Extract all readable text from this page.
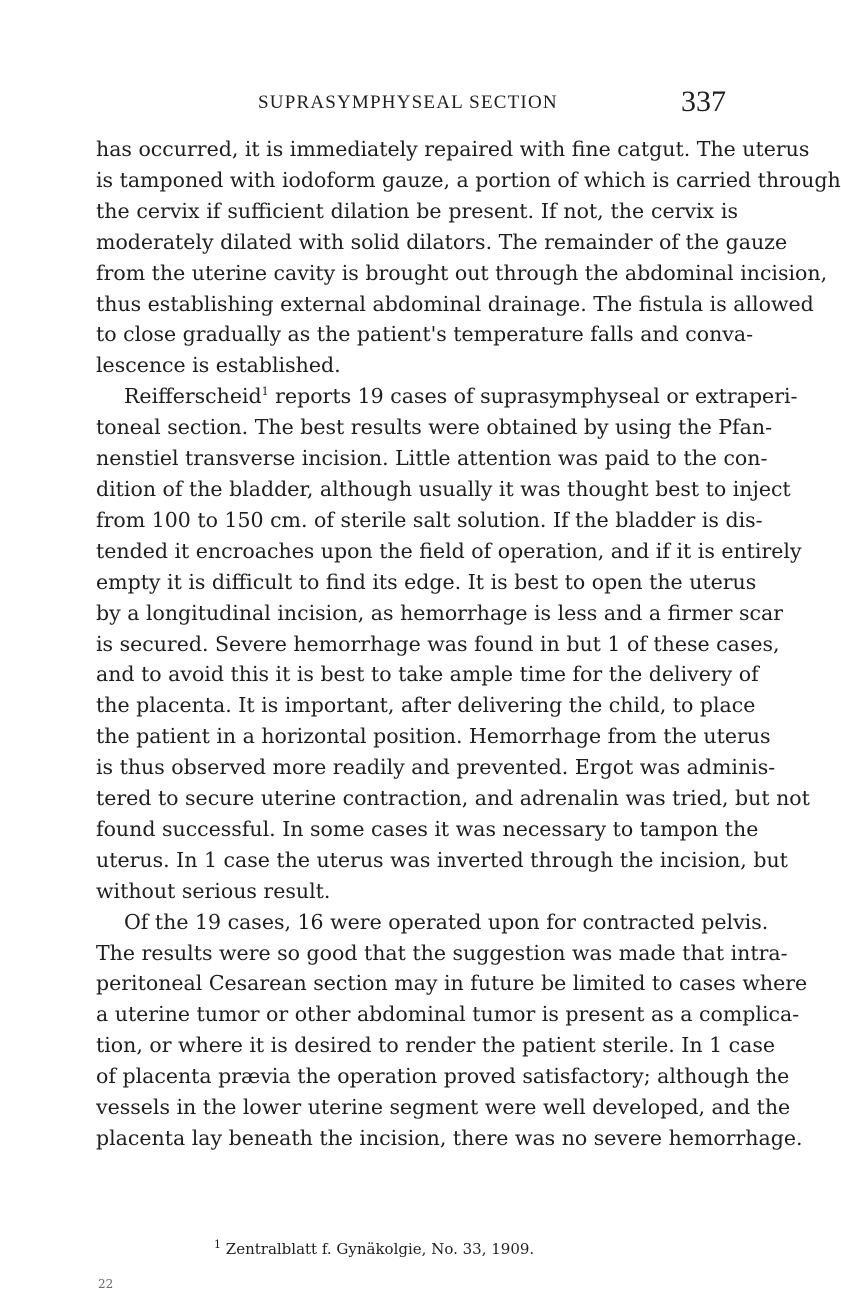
SUPRASYMPHYSEAL SECTION	337
has occurred, it is immediately repaired with fine catgut. The uterus
is tamponed with iodoform gauze, a portion of which is carried through
the cervix if sufficient dilation be present. If not, the cervix is
moderately dilated with solid dilators. The remainder of the gauze
from the uterine cavity is brought out through the abdominal incision,
thus establishing external abdominal drainage. The fistula is allowed
to close gradually as the patient's temperature falls and conva-
lescence is established.
Reifferscheid$^1$ reports 19 cases of suprasymphyseal or extraperi-
toneal section. The best results were obtained by using the Pfan-
nenstiel transverse incision. Little attention was paid to the con-
dition of the bladder, although usually it was thought best to inject
from 100 to 150 cm. of sterile salt solution. If the bladder is dis-
tended it encroaches upon the field of operation, and if it is entirely
empty it is difficult to find its edge. It is best to open the uterus
by a longitudinal incision, as hemorrhage is less and a firmer scar
is secured. Severe hemorrhage was found in but 1 of these cases,
and to avoid this it is best to take ample time for the delivery of
the placenta. It is important, after delivering the child, to place
the patient in a horizontal position. Hemorrhage from the uterus
is thus observed more readily and prevented. Ergot was adminis-
tered to secure uterine contraction, and adrenalin was tried, but not
found successful. In some cases it was necessary to tampon the
uterus. In 1 case the uterus was inverted through the incision, but
without serious result.
Of the 19 cases, 16 were operated upon for contracted pelvis.
The results were so good that the suggestion was made that intra-
peritoneal Cesarean section may in future be limited to cases where
a uterine tumor or other abdominal tumor is present as a complica-
tion, or where it is desired to render the patient sterile. In 1 case
of placenta prævia the operation proved satisfactory; although the
vessels in the lower uterine segment were well developed, and the
placenta lay beneath the incision, there was no severe hemorrhage.
$^1$ Zentralblatt f. Gynäkolgie, No. 33, 1909.
22
